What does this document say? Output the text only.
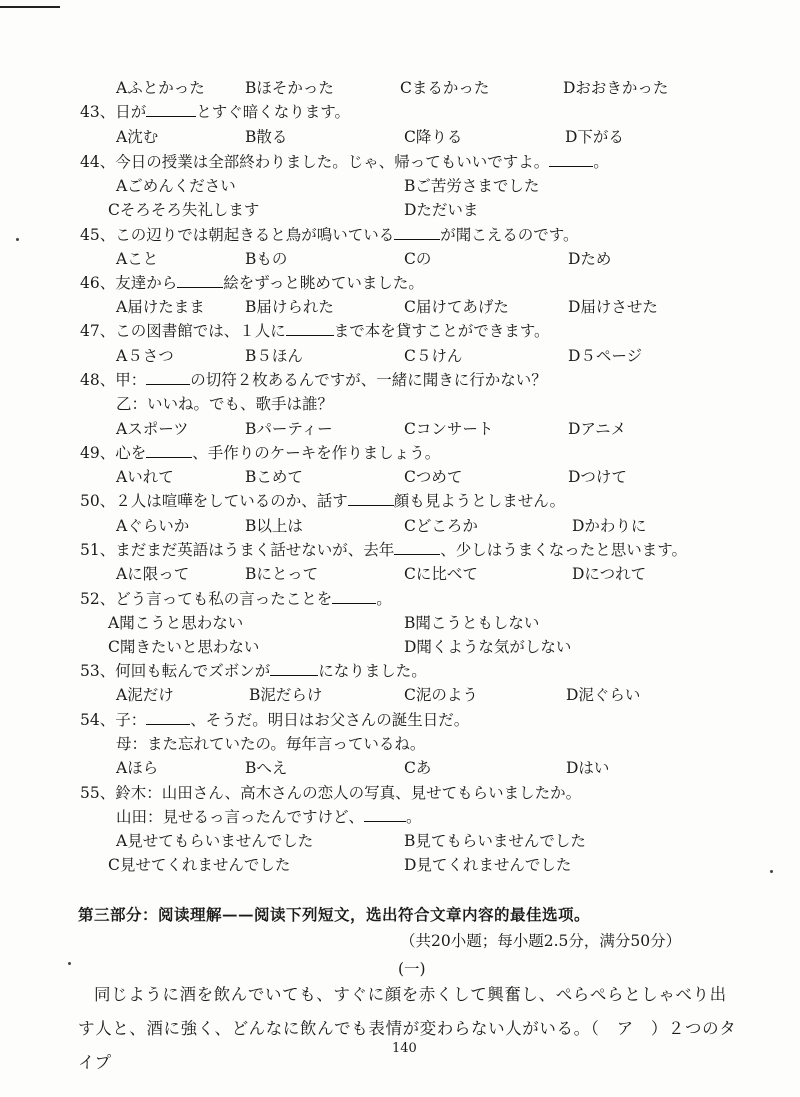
Aふとかった	Bほそかった	Cまるかった	Dおおきかった
43、日が	とすぐ暗くなります。
A沈む	B散る	C降りる	D下がる
44、今日の授業は全部終わりました。じゃ、帰ってもいいですよ。	。
Aごめんください	Bご苦労さまでした
Cそろそろ失礼します	Dただいま
45、この辺りでは朝起きると鳥が鳴いている	が聞こえるのです。
Aこと	Bもの	Cの	Dため
46、友達から	絵をずっと眺めていました。
A届けたまま	B届けられた	C届けてあげた	D届けさせた
47、この図書館では、１人に	まで本を貸すことができます。
A５さつ	B５ほん	C５けん	D５ページ
48、甲：	の切符２枚あるんですが、一緒に聞きに行かない？
乙：いいね。でも、歌手は誰？
Aスポーツ	Bパーティー	Cコンサート	Dアニメ
49、心を	、手作りのケーキを作りましょう。
Aいれて	Bこめて	Cつめて	Dつけて
50、２人は喧嘩をしているのか、話す	顔も見ようとしません。
Aぐらいか	B以上は	Cどころか	Dかわりに
51、まだまだ英語はうまく話せないが、去年	、少しはうまくなったと思います。
Aに限って	Bにとって	Cに比べて	Dにつれて
52、どう言っても私の言ったことを	。
A聞こうと思わない	B聞こうともしない
C聞きたいと思わない	D聞くような気がしない
53、何回も転んでズボンが	になりました。
A泥だけ	B泥だらけ	C泥のよう	D泥ぐらい
54、子：	、そうだ。明日はお父さんの誕生日だ。
母：また忘れていたの。毎年言っているね。
Aほら	Bへえ	Cあ	Dはい
55、鈴木：山田さん、高木さんの恋人の写真、見せてもらいましたか。
山田：見せるっ言ったんですけど、	。
A見せてもらいませんでした	B見てもらいませんでした
C見せてくれませんでした	D見てくれませんでした
第三部分：阅读理解——阅读下列短文，选出符合文章内容的最佳选项。
（共20小题；每小题2.5分，满分50分）
(一)
同じように酒を飲んでいても、すぐに顔を赤くして興奮し、ぺらぺらとしゃべり出す人と、酒に強く、どんなに飲んでも表情が変わらない人がいる。（　ア　）２つのタイプ
140
